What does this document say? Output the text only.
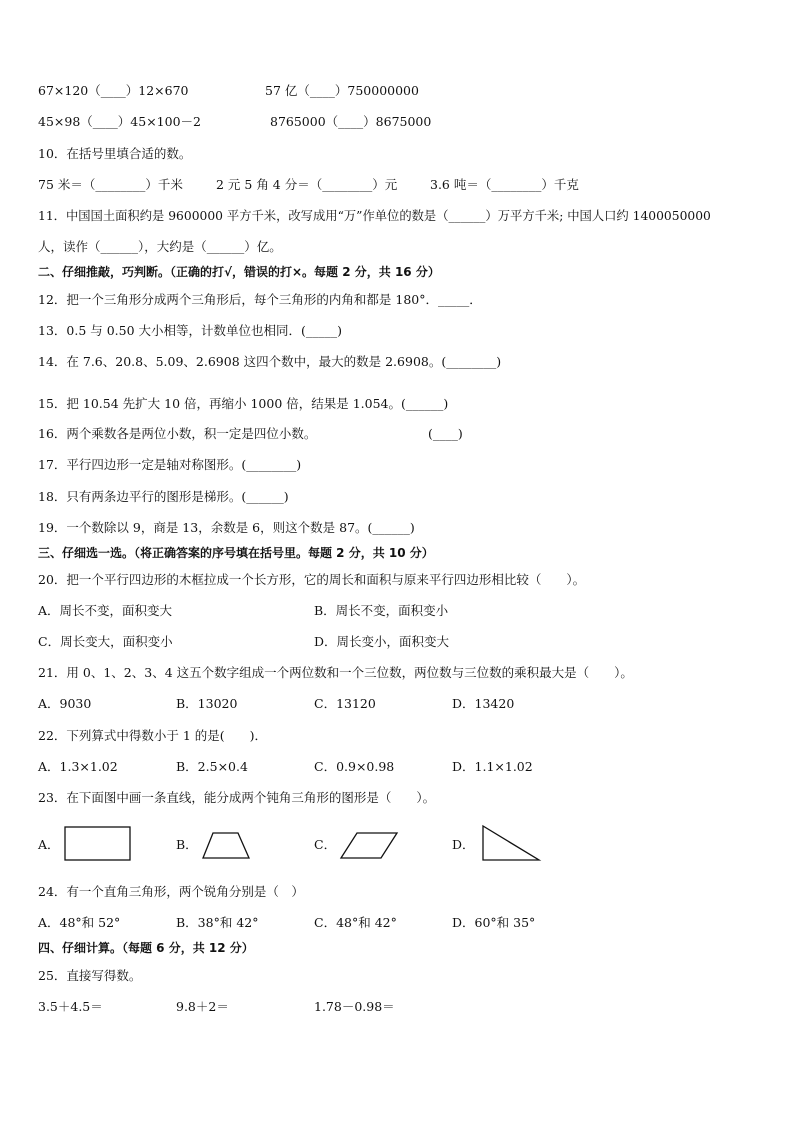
67×120（____）12×670	57 亿（____）750000000
45×98（____）45×100－2	8765000（____）8675000
10．在括号里填合适的数。
75 米＝（________）千米	2 元 5 角 4 分＝（________）元	3.6 吨＝（________）千克
11．中国国土面积约是 9600000 平方千米，改写成用“万”作单位的数是（______）万平方千米; 中国人口约 1400050000
人，读作（______），大约是（______）亿。
二、仔细推敲，巧判断。（正确的打√，错误的打×。每题 2 分，共 16 分）
12．把一个三角形分成两个三角形后，每个三角形的内角和都是 180°．_____．
13．0.5 与 0.50 大小相等，计数单位也相同．(_____)
14．在 7.6、20.8、5.09、2.6908 这四个数中，最大的数是 2.6908。(________)
15．把 10.54 先扩大 10 倍，再缩小 1000 倍，结果是 1.054。(______)
16．两个乘数各是两位小数，积一定是四位小数。	(____)
17．平行四边形一定是轴对称图形。(________)
18．只有两条边平行的图形是梯形。(______)
19．一个数除以 9，商是 13，余数是 6，则这个数是 87。(______)
三、仔细选一选。（将正确答案的序号填在括号里。每题 2 分，共 10 分）
20．把一个平行四边形的木框拉成一个长方形，它的周长和面积与原来平行四边形相比较（　　）。
A．周长不变，面积变大	B．周长不变，面积变小
C．周长变大，面积变小	D．周长变小，面积变大
21．用 0、1、2、3、4 这五个数字组成一个两位数和一个三位数，两位数与三位数的乘积最大是（　　）。
A．9030	B．13020	C．13120	D．13420
22．下列算式中得数小于 1 的是(　　)．
A．1.3×1.02	B．2.5×0.4	C．0.9×0.98	D．1.1×1.02
23．在下面图中画一条直线，能分成两个钝角三角形的图形是（　　）。
A．	B．	C．	D．
24．有一个直角三角形，两个锐角分别是（　）
A．48°和 52°	B．38°和 42°	C．48°和 42°	D．60°和 35°
四、仔细计算。（每题 6 分，共 12 分）
25．直接写得数。
3.5＋4.5＝	9.8＋2＝	1.78－0.98＝
